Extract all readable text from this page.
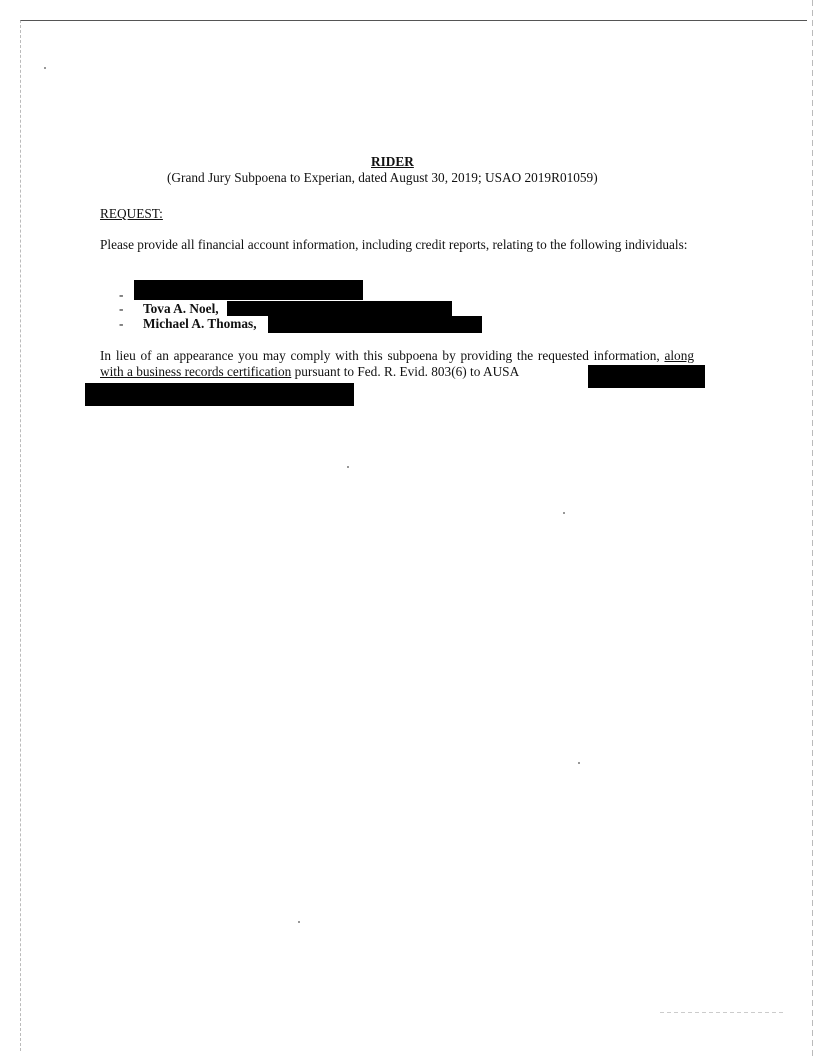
RIDER
(Grand Jury Subpoena to Experian, dated August 30, 2019; USAO 2019R01059)
REQUEST:
Please provide all financial account information, including credit reports, relating to the following individuals:
-
- Tova A. Noel,
- Michael A. Thomas,
In lieu of an appearance you may comply with this subpoena by providing the requested information, along with a business records certification pursuant to Fed. R. Evid. 803(6) to AUSA
